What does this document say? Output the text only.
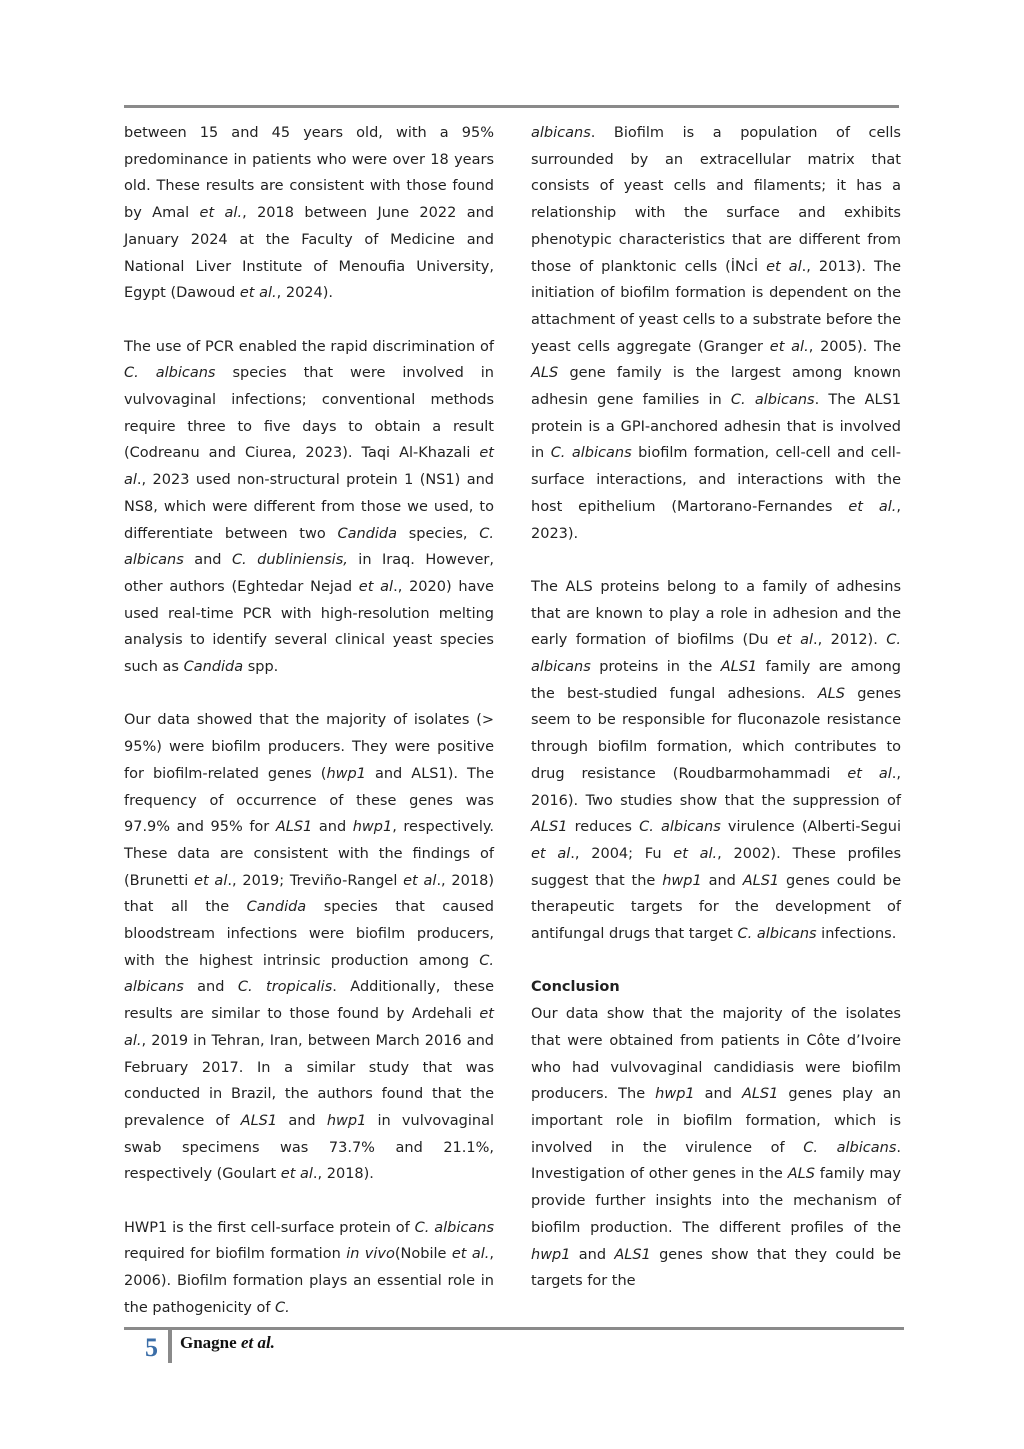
between 15 and 45 years old, with a 95% predominance in patients who were over 18 years old. These results are consistent with those found by Amal et al., 2018 between June 2022 and January 2024 at the Faculty of Medicine and National Liver Institute of Menoufia University, Egypt (Dawoud et al., 2024).

The use of PCR enabled the rapid discrimination of C. albicans species that were involved in vulvovaginal infections; conventional methods require three to five days to obtain a result (Codreanu and Ciurea, 2023). Taqi Al-Khazali et al., 2023 used non-structural protein 1 (NS1) and NS8, which were different from those we used, to differentiate between two Candida species, C. albicans and C. dubliniensis, in Iraq. However, other authors (Eghtedar Nejad et al., 2020) have used real-time PCR with high-resolution melting analysis to identify several clinical yeast species such as Candida spp.

Our data showed that the majority of isolates (> 95%) were biofilm producers. They were positive for biofilm-related genes (hwp1 and ALS1). The frequency of occurrence of these genes was 97.9% and 95% for ALS1 and hwp1, respectively. These data are consistent with the findings of (Brunetti et al., 2019; Treviño-Rangel et al., 2018) that all the Candida species that caused bloodstream infections were biofilm producers, with the highest intrinsic production among C. albicans and C. tropicalis. Additionally, these results are similar to those found by Ardehali et al., 2019 in Tehran, Iran, between March 2016 and February 2017. In a similar study that was conducted in Brazil, the authors found that the prevalence of ALS1 and hwp1 in vulvovaginal swab specimens was 73.7% and 21.1%, respectively (Goulart et al., 2018).

HWP1 is the first cell-surface protein of C. albicans required for biofilm formation in vivo(Nobile et al., 2006). Biofilm formation plays an essential role in the pathogenicity of C.

albicans. Biofilm is a population of cells surrounded by an extracellular matrix that consists of yeast cells and filaments; it has a relationship with the surface and exhibits phenotypic characteristics that are different from those of planktonic cells (İNcİ et al., 2013). The initiation of biofilm formation is dependent on the attachment of yeast cells to a substrate before the yeast cells aggregate (Granger et al., 2005). The ALS gene family is the largest among known adhesin gene families in C. albicans. The ALS1 protein is a GPI-anchored adhesin that is involved in C. albicans biofilm formation, cell-cell and cell-surface interactions, and interactions with the host epithelium (Martorano-Fernandes et al., 2023).

The ALS proteins belong to a family of adhesins that are known to play a role in adhesion and the early formation of biofilms (Du et al., 2012). C. albicans proteins in the ALS1 family are among the best-studied fungal adhesions. ALS genes seem to be responsible for fluconazole resistance through biofilm formation, which contributes to drug resistance (Roudbarmohammadi et al., 2016). Two studies show that the suppression of ALS1 reduces C. albicans virulence (Alberti-Segui et al., 2004; Fu et al., 2002). These profiles suggest that the hwp1 and ALS1 genes could be therapeutic targets for the development of antifungal drugs that target C. albicans infections.

Conclusion

Our data show that the majority of the isolates that were obtained from patients in Côte d’Ivoire who had vulvovaginal candidiasis were biofilm producers. The hwp1 and ALS1 genes play an important role in biofilm formation, which is involved in the virulence of C. albicans. Investigation of other genes in the ALS family may provide further insights into the mechanism of biofilm production. The different profiles of the hwp1 and ALS1 genes show that they could be targets for the

5 Gnagne et al.
